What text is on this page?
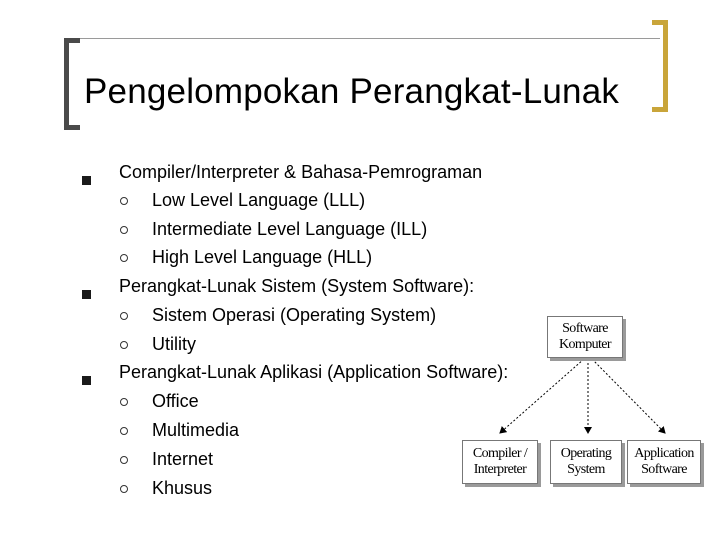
Pengelompokan Perangkat-Lunak
Compiler/Interpreter & Bahasa-Pemrograman
Low Level Language (LLL)
Intermediate Level Language (ILL)
High Level Language (HLL)
Perangkat-Lunak Sistem (System Software):
Sistem Operasi (Operating System)
Utility
Perangkat-Lunak Aplikasi (Application Software):
Office
Multimedia
Internet
Khusus
Software
Komputer
Compiler /
Interpreter
Operating
System
Application
Software
